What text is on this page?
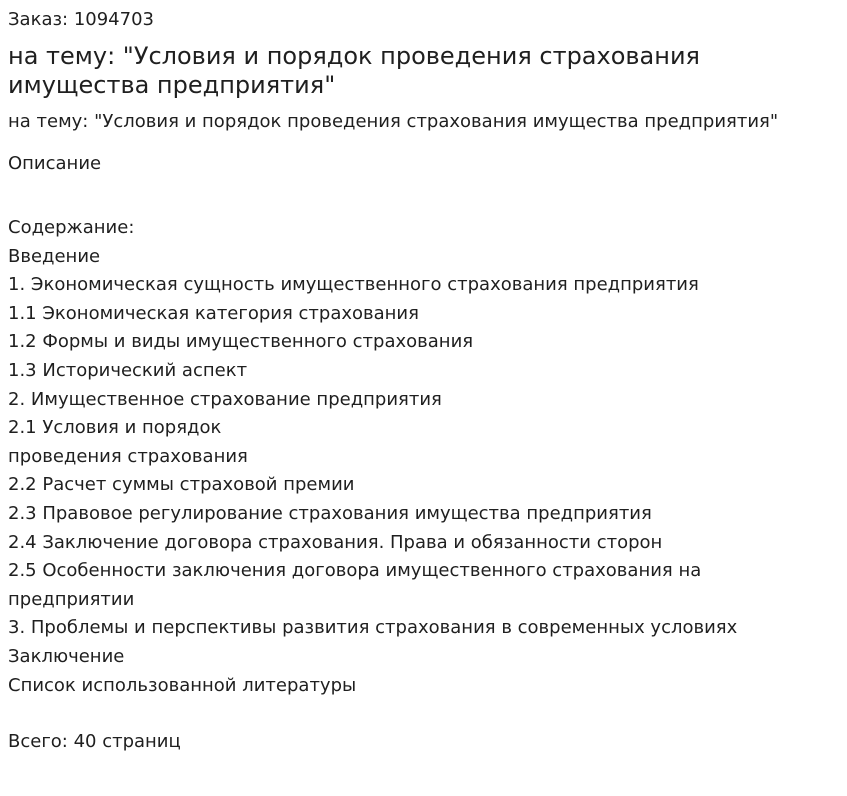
Заказ: 1094703

на тему: "Условия и порядок проведения страхования имущества предприятия"

на тему: "Условия и порядок проведения страхования имущества предприятия"

Описание

Содержание:
Введение
1. Экономическая сущность имущественного страхования предприятия
1.1 Экономическая категория страхования
1.2 Формы и виды имущественного страхования
1.3 Исторический аспект
2. Имущественное страхование предприятия
2.1 Условия и порядок
проведения страхования
2.2 Расчет суммы страховой премии
2.3 Правовое регулирование страхования имущества предприятия
2.4 Заключение договора страхования. Права и обязанности сторон
2.5 Особенности заключения договора имущественного страхования на
предприятии
3. Проблемы и перспективы развития страхования в современных условиях
Заключение
Список использованной литературы

Всего: 40 страниц
